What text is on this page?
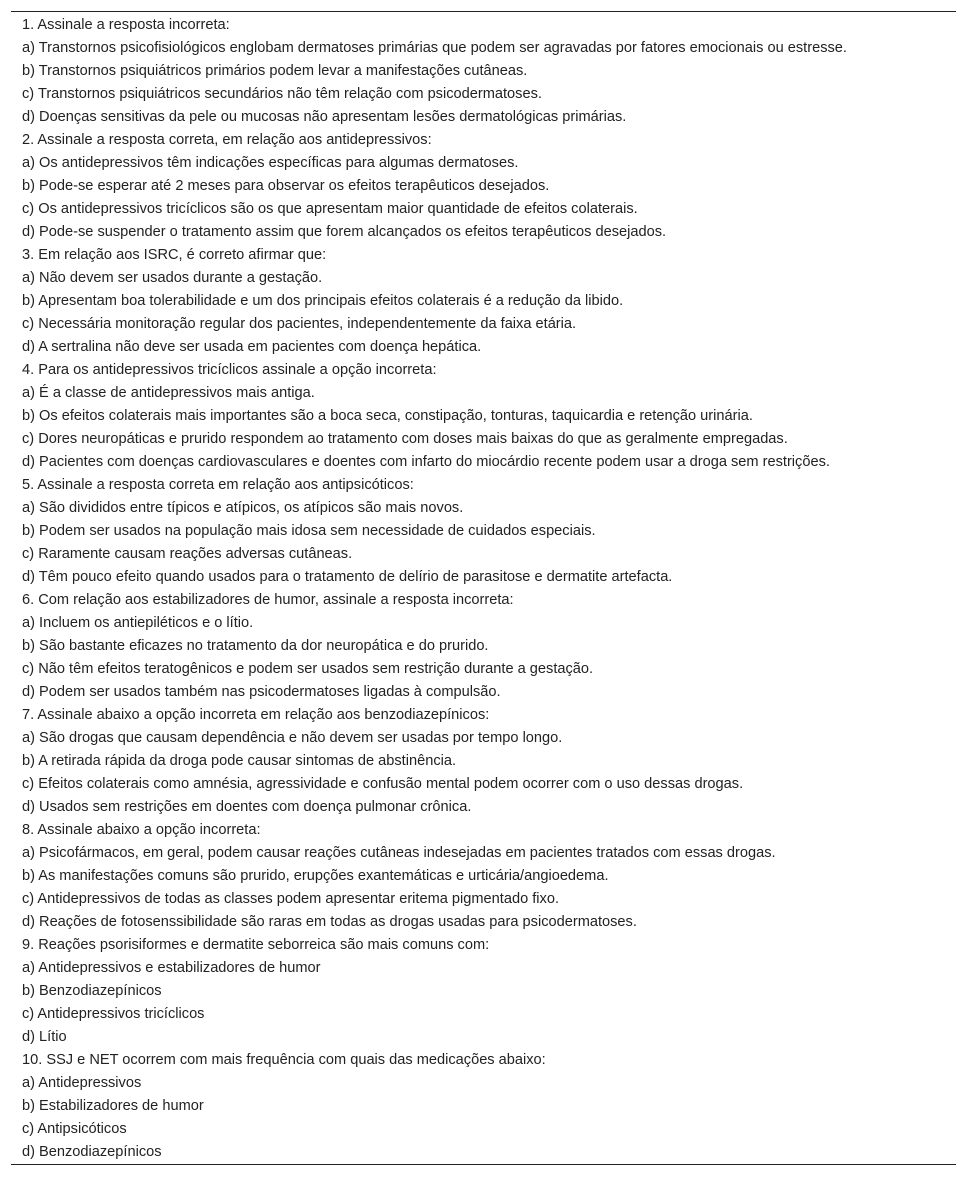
1. Assinale a resposta incorreta:
a) Transtornos psicofisiológicos englobam dermatoses primárias que podem ser agravadas por fatores emocionais ou estresse.
b) Transtornos psiquiátricos primários podem levar a manifestações cutâneas.
c) Transtornos psiquiátricos secundários não têm relação com psicodermatoses.
d) Doenças sensitivas da pele ou mucosas não apresentam lesões dermatológicas primárias.
2. Assinale a resposta correta, em relação aos antidepressivos:
a) Os antidepressivos têm indicações específicas para algumas dermatoses.
b) Pode-se esperar até 2 meses para observar os efeitos terapêuticos desejados.
c) Os antidepressivos tricíclicos são os que apresentam maior quantidade de efeitos colaterais.
d) Pode-se suspender o tratamento assim que forem alcançados os efeitos terapêuticos desejados.
3. Em relação aos ISRC, é correto afirmar que:
a) Não devem ser usados durante a gestação.
b) Apresentam boa tolerabilidade e um dos principais efeitos colaterais é a redução da libido.
c) Necessária monitoração regular dos pacientes, independentemente da faixa etária.
d) A sertralina não deve ser usada em pacientes com doença hepática.
4. Para os antidepressivos tricíclicos assinale a opção incorreta:
a) É a classe de antidepressivos mais antiga.
b) Os efeitos colaterais mais importantes são a boca seca, constipação, tonturas, taquicardia e retenção urinária.
c) Dores neuropáticas e prurido respondem ao tratamento com doses mais baixas do que as geralmente empregadas.
d) Pacientes com doenças cardiovasculares e doentes com infarto do miocárdio recente podem usar a droga sem restrições.
5. Assinale a resposta correta em relação aos antipsicóticos:
a) São divididos entre típicos e atípicos, os atípicos são mais novos.
b) Podem ser usados na população mais idosa sem necessidade de cuidados especiais.
c) Raramente causam reações adversas cutâneas.
d) Têm pouco efeito quando usados para o tratamento de delírio de parasitose e dermatite artefacta.
6. Com relação aos estabilizadores de humor, assinale a resposta incorreta:
a) Incluem os antiepiléticos e o lítio.
b) São bastante eficazes no tratamento da dor neuropática e do prurido.
c) Não têm efeitos teratogênicos e podem ser usados sem restrição durante a gestação.
d) Podem ser usados também nas psicodermatoses ligadas à compulsão.
7. Assinale abaixo a opção incorreta em relação aos benzodiazepínicos:
a) São drogas que causam dependência e não devem ser usadas por tempo longo.
b) A retirada rápida da droga pode causar sintomas de abstinência.
c) Efeitos colaterais como amnésia, agressividade e confusão mental podem ocorrer com o uso dessas drogas.
d) Usados sem restrições em doentes com doença pulmonar crônica.
8. Assinale abaixo a opção incorreta:
a) Psicofármacos, em geral, podem causar reações cutâneas indesejadas em pacientes tratados com essas drogas.
b) As manifestações comuns são prurido, erupções exantemáticas e urticária/angioedema.
c) Antidepressivos de todas as classes podem apresentar eritema pigmentado fixo.
d) Reações de fotosenssibilidade são raras em todas as drogas usadas para psicodermatoses.
9. Reações psorisiformes e dermatite seborreica são mais comuns com:
a) Antidepressivos e estabilizadores de humor
b) Benzodiazepínicos
c) Antidepressivos tricíclicos
d) Lítio
10. SSJ e NET ocorrem com mais frequência com quais das medicações abaixo:
a) Antidepressivos
b) Estabilizadores de humor
c) Antipsicóticos
d) Benzodiazepínicos
